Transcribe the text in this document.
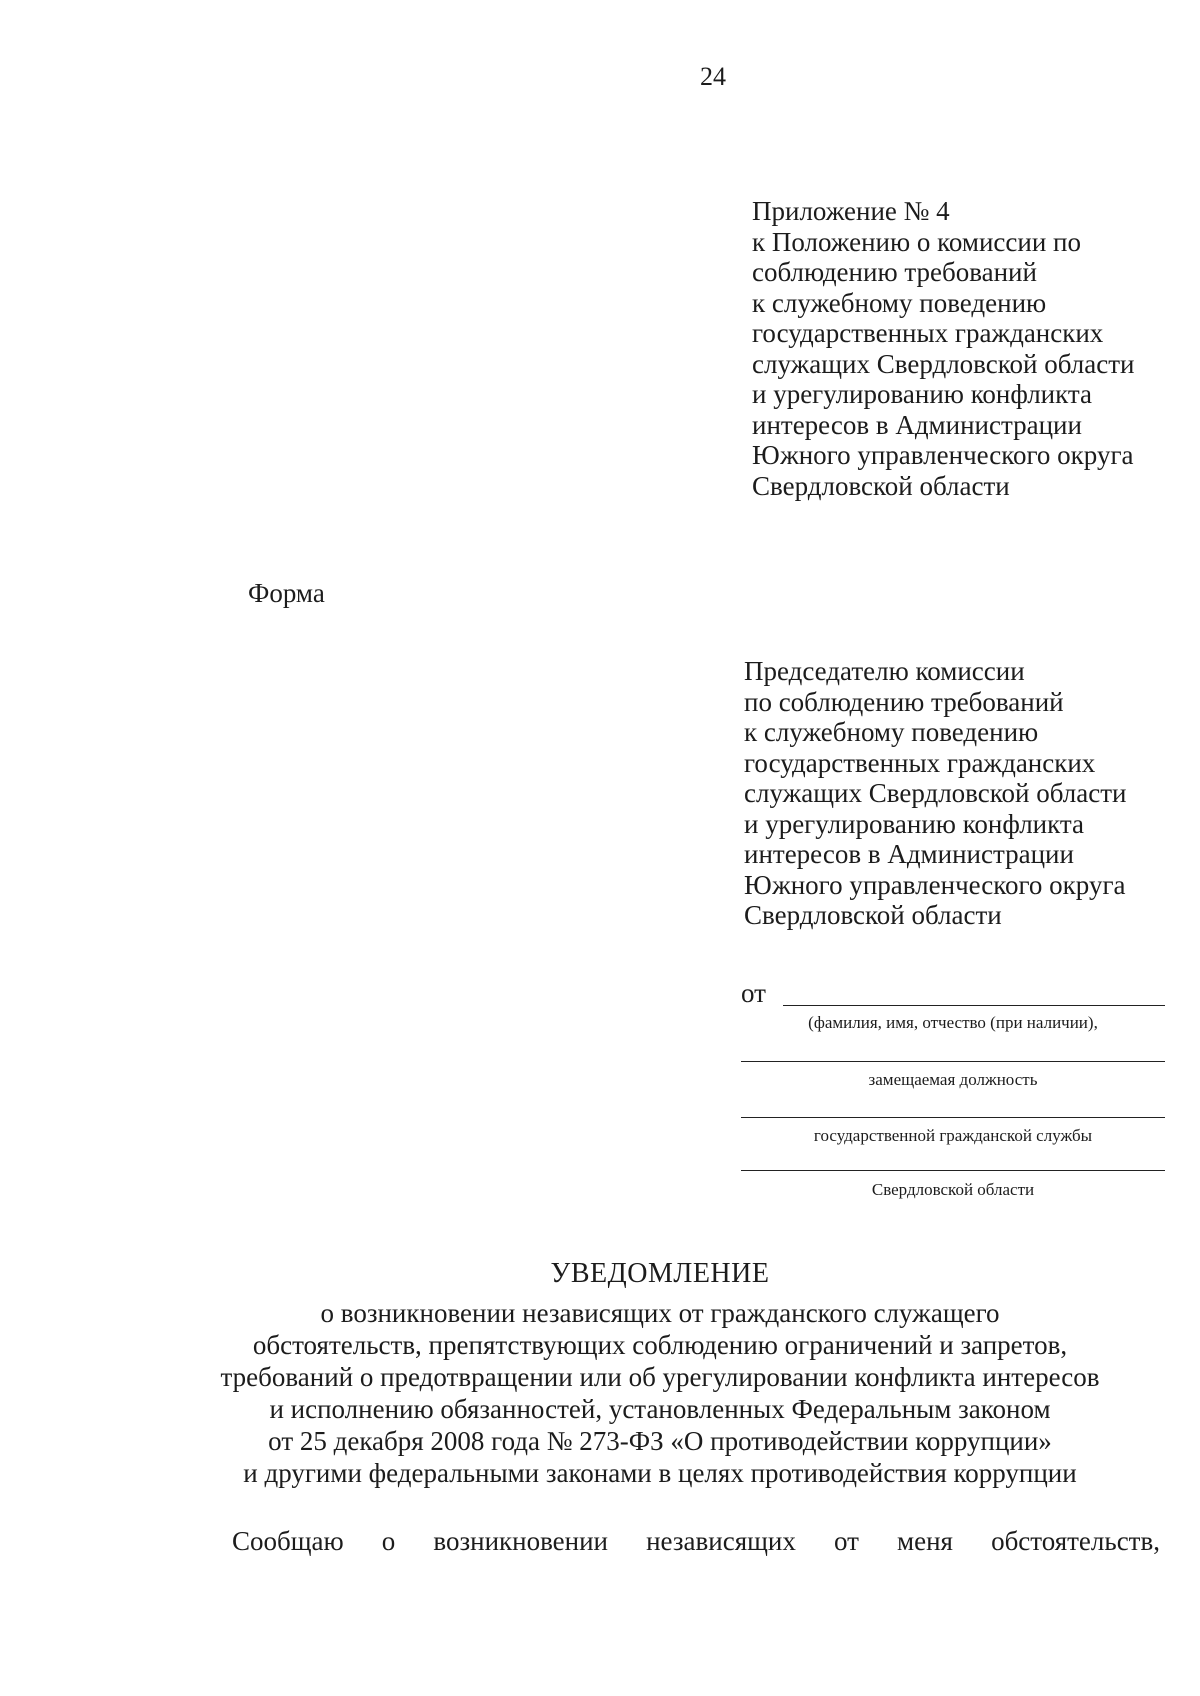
24
Приложение № 4
к Положению о комиссии по
соблюдению требований
к служебному поведению
государственных гражданских
служащих Свердловской области
и урегулированию конфликта
интересов в Администрации
Южного управленческого округа
Свердловской области
Форма
Председателю комиссии
по соблюдению требований
к служебному поведению
государственных гражданских
служащих Свердловской области
и урегулированию конфликта
интересов в Администрации
Южного управленческого округа
Свердловской области
от
(фамилия, имя, отчество (при наличии),
замещаемая должность
государственной гражданской службы
Свердловской области
УВЕДОМЛЕНИЕ
о возникновении независящих от гражданского служащего
обстоятельств, препятствующих соблюдению ограничений и запретов,
требований о предотвращении или об урегулировании конфликта интересов
и исполнению обязанностей, установленных Федеральным законом
от 25 декабря 2008 года № 273-ФЗ «О противодействии коррупции»
и другими федеральными законами в целях противодействия коррупции
Сообщаю о возникновении независящих от меня обстоятельств,
